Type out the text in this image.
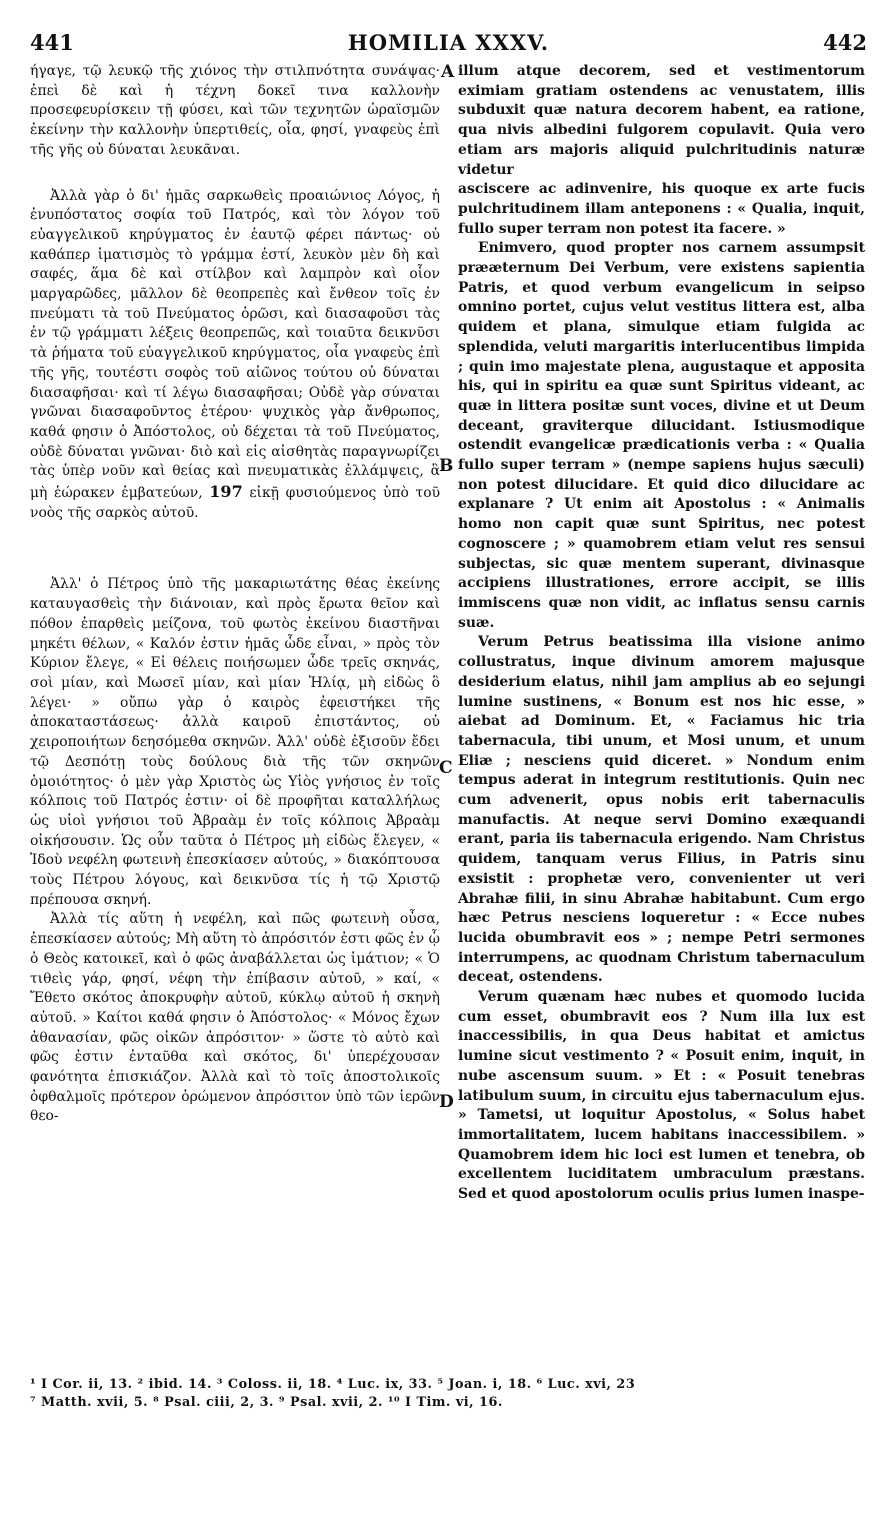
441	HOMILIA XXXV.	442
A
B
C
D

ήγαγε, τῷ λευκῷ τῆς χιόνος τὴν στιλπνότητα συνάψας· ἐπεὶ δὲ καὶ ἡ τέχνη δοκεῖ τινα καλλονὴν προσεφευρίσκειν τῇ φύσει, καὶ τῶν τεχνητῶν ὡραϊσμῶν ἐκείνην τὴν καλλονὴν ὑπερτιθείς, οἷα, φησί, γναφεὺς ἐπὶ τῆς γῆς οὐ δύναται λευκᾶναι.

Ἀλλὰ γὰρ ὁ δι' ἡμᾶς σαρκωθεὶς προαιώνιος Λόγος, ἡ ἐνυπόστατος σοφία τοῦ Πατρός, καὶ τὸν λόγον τοῦ εὐαγγελικοῦ κηρύγματος ἐν ἑαυτῷ φέρει πάντως· οὐ καθάπερ ἱματισμὸς τὸ γράμμα ἐστί, λευκὸν μὲν δὴ καὶ σαφές, ἅμα δὲ καὶ στίλβον καὶ λαμπρὸν καὶ οἷον μαργαρῶδες, μᾶλλον δὲ θεοπρεπὲς καὶ ἔνθεον τοῖς ἐν πνεύματι τὰ τοῦ Πνεύματος ὁρῶσι, καὶ διασαφοῦσι τὰς ἐν τῷ γράμματι λέξεις θεοπρεπῶς, καὶ τοιαῦτα δεικνῦσι τὰ ῥήματα τοῦ εὐαγγελικοῦ κηρύγματος, οἷα γναφεὺς ἐπὶ τῆς γῆς, τουτέστι σοφὸς τοῦ αἰῶνος τούτου οὐ δύναται διασαφῆσαι· καὶ τί λέγω διασαφῆσαι; Οὐδὲ γὰρ σύναται γνῶναι διασαφοῦντος ἑτέρου· ψυχικὸς γὰρ ἄνθρωπος, καθά φησιν ὁ Ἀπόστολος, οὐ δέχεται τὰ τοῦ Πνεύματος, οὐδὲ δύναται γνῶναι· διὸ καὶ εἰς αἰσθητὰς παραγνωρίζει τὰς ὑπὲρ νοῦν καὶ θείας καὶ πνευματικὰς ἐλλάμψεις, ἃ μὴ ἑώρακεν ἐμβατεύων, 197 εἰκῇ φυσιούμενος ὑπὸ τοῦ νοὸς τῆς σαρκὸς αὐτοῦ.

Ἀλλ' ὁ Πέτρος ὑπὸ τῆς μακαριωτάτης θέας ἐκείνης καταυγασθεὶς τὴν διάνοιαν, καὶ πρὸς ἔρωτα θεῖον καὶ πόθον ἐπαρθεὶς μείζονα, τοῦ φωτὸς ἐκείνου διαστῆναι μηκέτι θέλων, « Καλόν ἐστιν ἡμᾶς ὧδε εἶναι, » πρὸς τὸν Κύριον ἔλεγε, « Εἰ θέλεις ποιήσωμεν ὧδε τρεῖς σκηνάς, σοὶ μίαν, καὶ Μωσεῖ μίαν, καὶ μίαν Ἠλίᾳ, μὴ εἰδὼς ὃ λέγει· » οὔπω γὰρ ὁ καιρὸς ἐφειστήκει τῆς ἀποκαταστάσεως· ἀλλὰ καιροῦ ἐπιστάντος, οὐ χειροποιήτων δεησόμεθα σκηνῶν. Ἀλλ' οὐδὲ ἐξισοῦν ἔδει τῷ Δεσπότῃ τοὺς δούλους διὰ τῆς τῶν σκηνῶν ὁμοιότητος· ὁ μὲν γὰρ Χριστὸς ὡς Υἱὸς γνήσιος ἐν τοῖς κόλποις τοῦ Πατρός ἐστιν· οἱ δὲ προφῆται καταλλήλως ὡς υἱοὶ γνήσιοι τοῦ Ἀβραὰμ ἐν τοῖς κόλποις Ἀβραὰμ οἰκήσουσιν. Ὡς οὖν ταῦτα ὁ Πέτρος μὴ εἰδὼς ἔλεγεν, « Ἰδοὺ νεφέλη φωτεινὴ ἐπεσκίασεν αὐτούς, » διακόπτουσα τοὺς Πέτρου λόγους, καὶ δεικνῦσα τίς ἡ τῷ Χριστῷ πρέπουσα σκηνή.

Ἀλλὰ τίς αὕτη ἡ νεφέλη, καὶ πῶς φωτεινὴ οὖσα, ἐπεσκίασεν αὐτούς; Μὴ αὕτη τὸ ἀπρόσιτόν ἐστι φῶς ἐν ᾧ ὁ Θεὸς κατοικεῖ, καὶ ὁ φῶς ἀναβάλλεται ὡς ἱμάτιον; « Ὁ τιθεὶς γάρ, φησί, νέφη τὴν ἐπίβασιν αὐτοῦ, » καί, « Ἔθετο σκότος ἀποκρυφὴν αὐτοῦ, κύκλῳ αὐτοῦ ἡ σκηνὴ αὐτοῦ. » Καίτοι καθά φησιν ὁ Ἀπόστολος· « Μόνος ἔχων ἀθανασίαν, φῶς οἰκῶν ἀπρόσιτον· » ὥστε τὸ αὐτὸ καὶ φῶς ἐστιν ἐνταῦθα καὶ σκότος, δι' ὑπερέχουσαν φανότητα ἐπισκιάζον. Ἀλλὰ καὶ τὸ τοῖς ἀποστολικοῖς ὀφθαλμοῖς πρότερον ὁρώμενον ἀπρόσιτον ὑπὸ τῶν ἱερῶν θεο-

illum atque decorem, sed et vestimentorum eximiam gratiam ostendens ac venustatem, illis subduxit quæ natura decorem habent, ea ratione, qua nivis albedini fulgorem copulavit. Quia vero etiam ars majoris aliquid pulchritudinis naturæ videtur

asciscere ac adinvenire, his quoque ex arte fucis pulchritudinem illam anteponens : « Qualia, inquit, fullo super terram non potest ita facere. »

Enimvero, quod propter nos carnem assumpsit prææternum Dei Verbum, vere existens sapientia Patris, et quod verbum evangelicum in seipso omnino portet, cujus velut vestitus littera est, alba quidem et plana, simulque etiam fulgida ac splendida, veluti margaritis interlucentibus limpida ; quin imo majestate plena, augustaque et apposita his, qui in spiritu ea quæ sunt Spiritus videant, ac quæ in littera positæ sunt voces, divine et ut Deum deceant, graviterque dilucidant. Istiusmodique ostendit evangelicæ prædicationis verba : « Qualia fullo super terram » (nempe sapiens hujus sæculi) non potest dilucidare. Et quid dico dilucidare ac explanare ? Ut enim ait Apostolus : « Animalis homo non capit quæ sunt Spiritus, nec potest cognoscere ; » quamobrem etiam velut res sensui subjectas, sic quæ mentem superant, divinasque accipiens illustrationes, errore accipit, se illis immiscens quæ non vidit, ac inflatus sensu carnis suæ.

Verum Petrus beatissima illa visione animo collustratus, inque divinum amorem majusque desiderium elatus, nihil jam amplius ab eo sejungi lumine sustinens, « Bonum est nos hic esse, » aiebat ad Dominum. Et, « Faciamus hic tria tabernacula, tibi unum, et Mosi unum, et unum Eliæ ; nesciens quid diceret. » Nondum enim tempus aderat in integrum restitutionis. Quin nec cum advenerit, opus nobis erit tabernaculis manufactis. At neque servi Domino exæquandi erant, paria iis tabernacula erigendo. Nam Christus quidem, tanquam verus Filius, in Patris sinu exsistit : prophetæ vero, convenienter ut veri Abrahæ filii, in sinu Abrahæ habitabunt. Cum ergo hæc Petrus nesciens loqueretur : « Ecce nubes lucida obumbravit eos » ; nempe Petri sermones interrumpens, ac quodnam Christum tabernaculum deceat, ostendens.

Verum quænam hæc nubes et quomodo lucida cum esset, obumbravit eos ? Num illa lux est inaccessibilis, in qua Deus habitat et amictus lumine sicut vestimento ? « Posuit enim, inquit, in nube ascensum suum. » Et : « Posuit tenebras latibulum suum, in circuitu ejus tabernaculum ejus. » Tametsi, ut loquitur Apostolus, « Solus habet immortalitatem, lucem habitans inaccessibilem. » Quamobrem idem hic loci est lumen et tenebra, ob excellentem luciditatem umbraculum præstans. Sed et quod apostolorum oculis prius lumen inaspe-

¹ I Cor. ii, 13. ² ibid. 14. ³ Coloss. ii, 18. ⁴ Luc. ix, 33. ⁵ Joan. i, 18. ⁶ Luc. xvi, 23
⁷ Matth. xvii, 5. ⁸ Psal. ciii, 2, 3. ⁹ Psal. xvii, 2. ¹⁰ I Tim. vi, 16.
